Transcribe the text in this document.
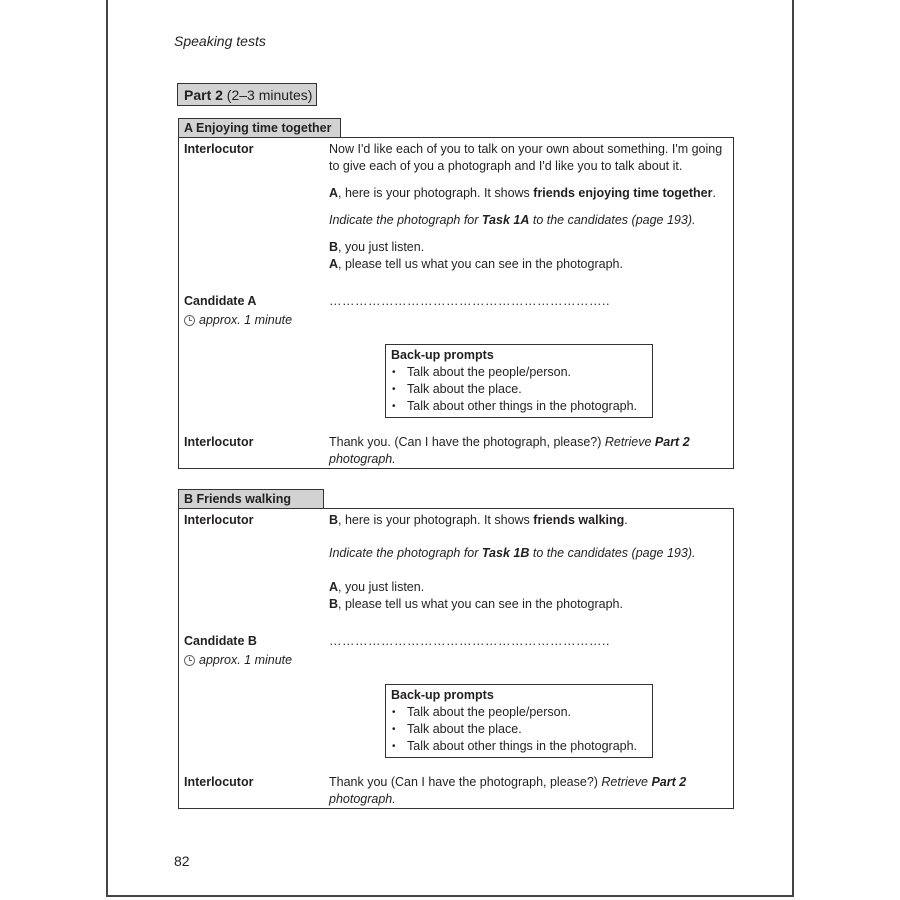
Speaking tests
Part 2 (2–3 minutes)
A Enjoying time together
Interlocutor	Now I'd like each of you to talk on your own about something. I'm going to give each of you a photograph and I'd like you to talk about it.

A, here is your photograph. It shows friends enjoying time together.

Indicate the photograph for Task 1A to the candidates (page 193).

B, you just listen.

A, please tell us what you can see in the photograph.

Candidate A	………………………………………………………..
approx. 1 minute
Back-up prompts
• Talk about the people/person.
• Talk about the place.
• Talk about other things in the photograph.
Interlocutor	Thank you. (Can I have the photograph, please?) Retrieve Part 2

photograph.

B Friends walking
Interlocutor	B, here is your photograph. It shows friends walking.

Indicate the photograph for Task 1B to the candidates (page 193).

A, you just listen.

B, please tell us what you can see in the photograph.

Candidate B	………………………………………………………..
approx. 1 minute
Back-up prompts
• Talk about the people/person.
• Talk about the place.
• Talk about other things in the photograph.
Interlocutor	Thank you (Can I have the photograph, please?) Retrieve Part 2

photograph.

82
